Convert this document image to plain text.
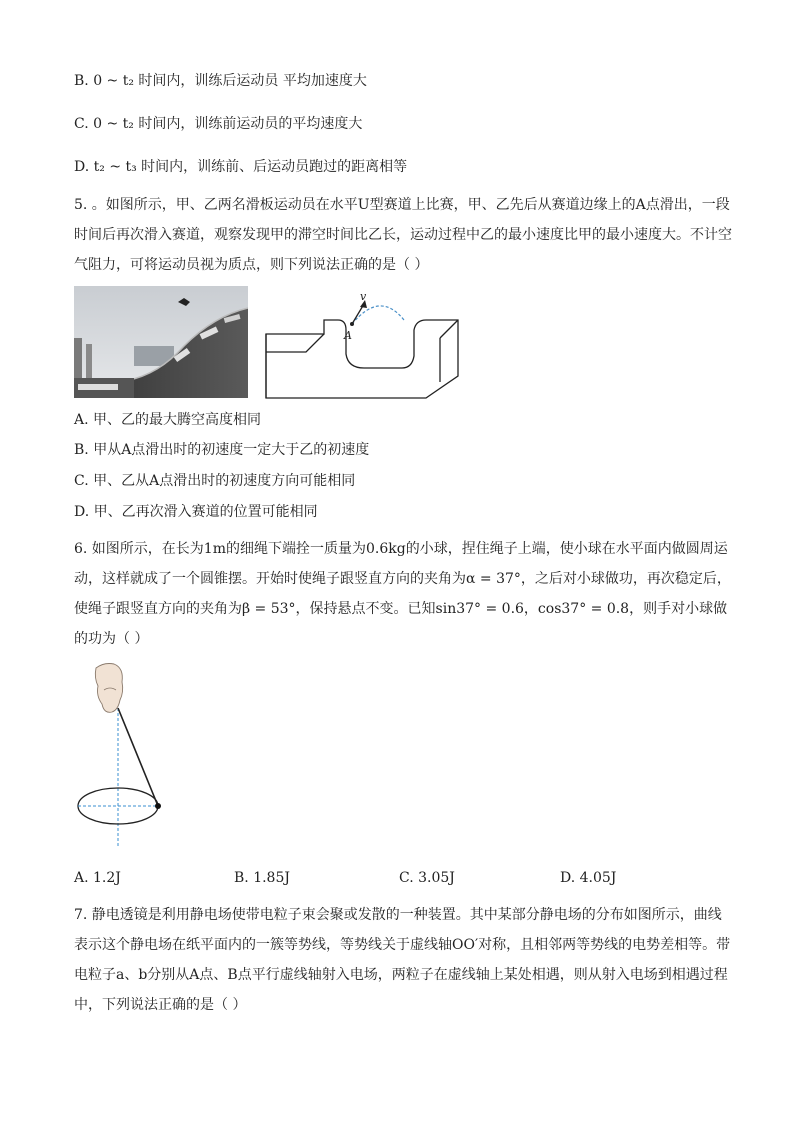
B. 0 ~ t₂ 时间内，训练后运动员 平均加速度大
C. 0 ~ t₂ 时间内，训练前运动员的平均速度大
D. t₂ ~ t₃ 时间内，训练前、后运动员跑过的距离相等
5. 。如图所示，甲、乙两名滑板运动员在水平U型赛道上比赛，甲、乙先后从赛道边缘上的A点滑出，一段时间后再次滑入赛道，观察发现甲的滞空时间比乙长，运动过程中乙的最小速度比甲的最小速度大。不计空气阻力，可将运动员视为质点，则下列说法正确的是（ ）
v
A
A. 甲、乙的最大腾空高度相同
B. 甲从A点滑出时的初速度一定大于乙的初速度
C. 甲、乙从A点滑出时的初速度方向可能相同
D. 甲、乙再次滑入赛道的位置可能相同
6. 如图所示，在长为1m的细绳下端拴一质量为0.6kg的小球，捏住绳子上端，使小球在水平面内做圆周运动，这样就成了一个圆锥摆。开始时使绳子跟竖直方向的夹角为α = 37°，之后对小球做功，再次稳定后，使绳子跟竖直方向的夹角为β = 53°，保持悬点不变。已知sin37° = 0.6，cos37° = 0.8，则手对小球做的功为（ ）
A. 1.2J	B. 1.85J	C. 3.05J	D. 4.05J
7. 静电透镜是利用静电场使带电粒子束会聚或发散的一种装置。其中某部分静电场的分布如图所示，曲线表示这个静电场在纸平面内的一簇等势线，等势线关于虚线轴OO′对称，且相邻两等势线的电势差相等。带电粒子a、b分别从A点、B点平行虚线轴射入电场，两粒子在虚线轴上某处相遇，则从射入电场到相遇过程中，下列说法正确的是（ ）
